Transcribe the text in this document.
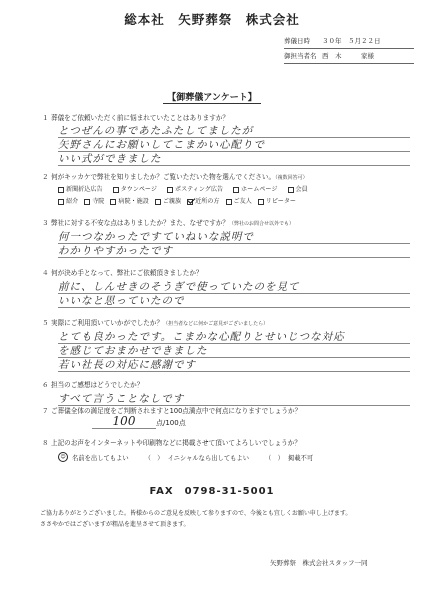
総本社　矢野葬祭　株式会社
葬儀日時	３０年　５月２２日
御担当者名 西　木　　　家様
【御葬儀アンケート】
１ 葬儀をご依頼いただく前に悩まれていたことはありますか？
とつぜんの事であたふたしてましたが
矢野さんにお願いしてこまかい心配りで
いい式ができました
２ 何がキッカケで弊社を知りましたか？ご覧いただいた物を選んでください。（複数回答可）
新聞折込広告	タウンページ	ポスティング広告	ホームページ	会員
紹介 寺院 病院・施設 ご親族 近所の方 ご友人 リピーター
３ 弊社に対する不安な点はありましたか？また、なぜですか？（弊社のお問合せ以外でも）
何一つなかったですていねいな説明で
わかりやすかったです
４ 何が決め手となって、弊社にご依頼頂きましたか？
前に、しんせきのそうぎで使っていたのを見て
いいなと思っていたので
５ 実際にご利用頂いていかがでしたか？（担当者などに何かご意見がございましたら）
とても良かったです。こまかな心配りとせいじつな対応
を感じておまかせできました
若い社長の対応に感謝です
６ 担当のご感想はどうでしたか？
すべて言うことなしです
７ ご葬儀全体の満足度をご判断されますと100点満点中で何点になりますでしょうか？
100	点/100点
８ 上記のお声をインターネットや印刷物などに掲載させて頂いてよろしいでしょうか？
☺	名前を出してもよい	（　） イニシャルなら出してもよい	（　） 掲載不可
FAX　0798-31-5001
ご協力ありがとうございました。皆様からのご意見を反映して参りますので、今後とも宜しくお願い申し上げます。
ささやかではございますが粗品を進呈させて頂きます。
矢野葬祭　株式会社スタッフ一同
